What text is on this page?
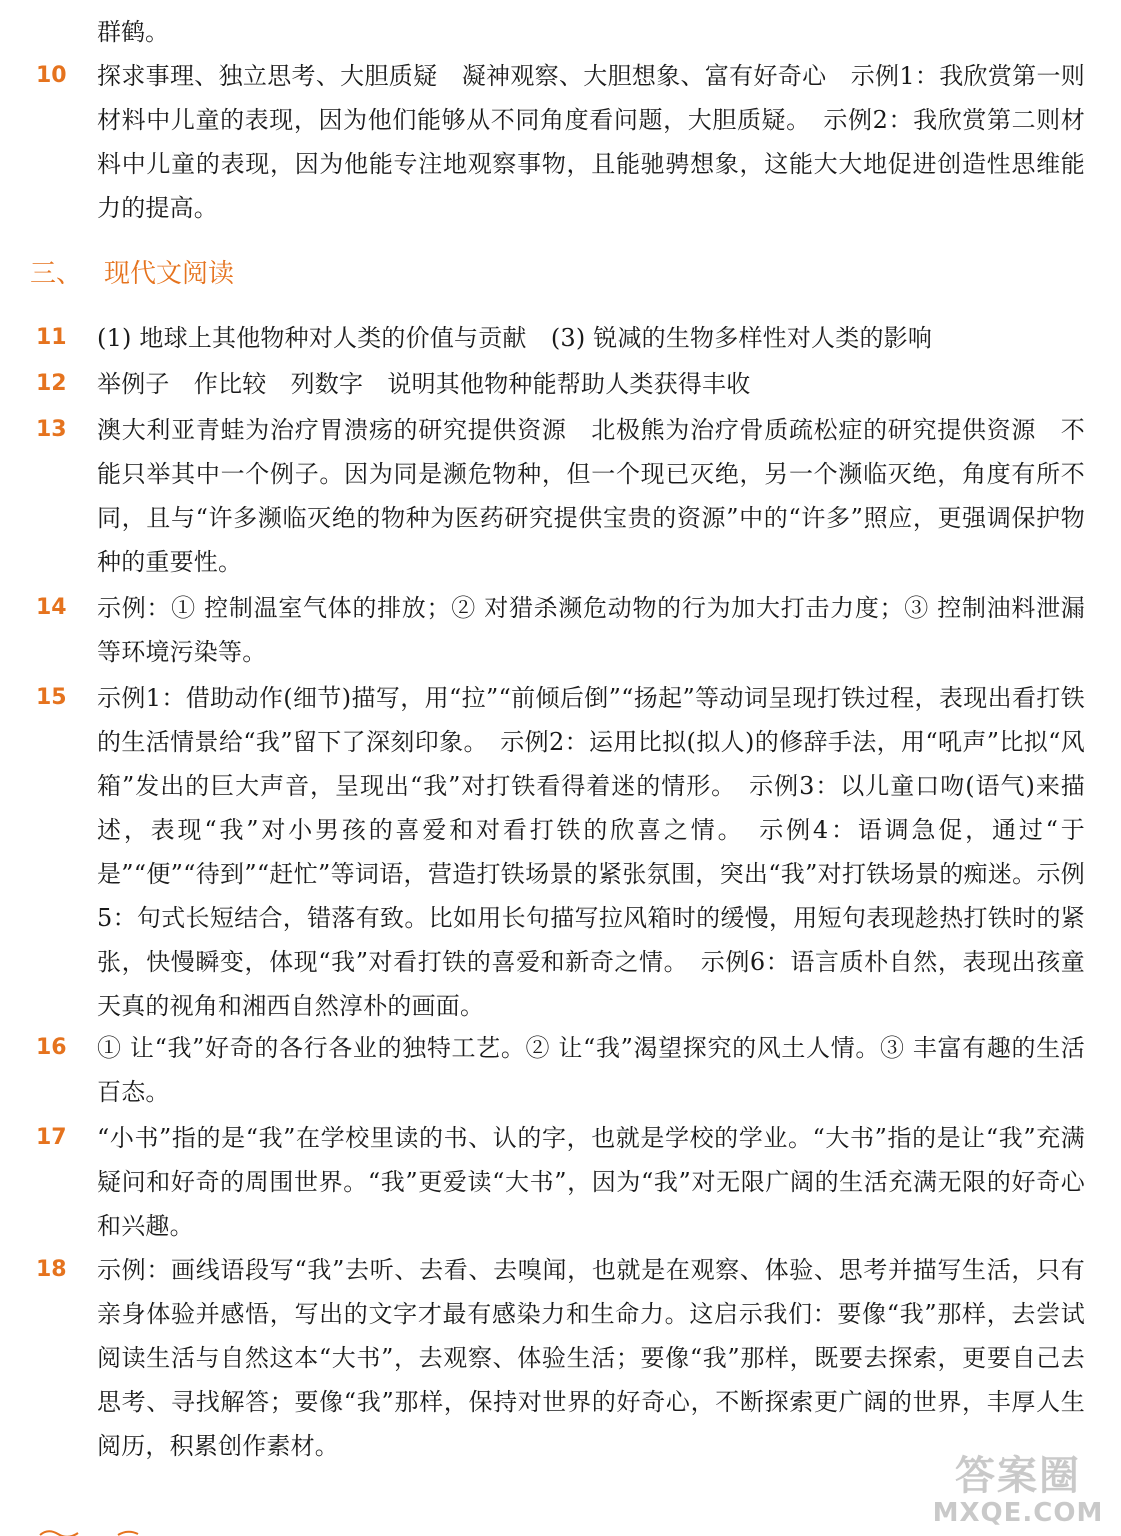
群鹤。
10	探求事理、独立思考、大胆质疑　凝神观察、大胆想象、富有好奇心　示例1：我欣赏第一则材料中儿童的表现，因为他们能够从不同角度看问题，大胆质疑。　示例2：我欣赏第二则材料中儿童的表现，因为他能专注地观察事物，且能驰骋想象，这能大大地促进创造性思维能力的提高。
三、 现代文阅读
11	(1) 地球上其他物种对人类的价值与贡献　(3) 锐减的生物多样性对人类的影响
12	举例子　作比较　列数字　说明其他物种能帮助人类获得丰收
13	澳大利亚青蛙为治疗胃溃疡的研究提供资源　北极熊为治疗骨质疏松症的研究提供资源　不能只举其中一个例子。因为同是濒危物种，但一个现已灭绝，另一个濒临灭绝，角度有所不同，且与“许多濒临灭绝的物种为医药研究提供宝贵的资源”中的“许多”照应，更强调保护物种的重要性。
14	示例：① 控制温室气体的排放；② 对猎杀濒危动物的行为加大打击力度；③ 控制油料泄漏等环境污染等。
15	示例1：借助动作(细节)描写，用“拉”“前倾后倒”“扬起”等动词呈现打铁过程，表现出看打铁的生活情景给“我”留下了深刻印象。　示例2：运用比拟(拟人)的修辞手法，用“吼声”比拟“风箱”发出的巨大声音，呈现出“我”对打铁看得着迷的情形。　示例3：以儿童口吻(语气)来描述，表现“我”对小男孩的喜爱和对看打铁的欣喜之情。　示例4：语调急促，通过“于是”“便”“待到”“赶忙”等词语，营造打铁场景的紧张氛围，突出“我”对打铁场景的痴迷。示例5：句式长短结合，错落有致。比如用长句描写拉风箱时的缓慢，用短句表现趁热打铁时的紧张，快慢瞬变，体现“我”对看打铁的喜爱和新奇之情。　示例6：语言质朴自然，表现出孩童天真的视角和湘西自然淳朴的画面。
16	① 让“我”好奇的各行各业的独特工艺。② 让“我”渴望探究的风土人情。③ 丰富有趣的生活百态。
17	“小书”指的是“我”在学校里读的书、认的字，也就是学校的学业。“大书”指的是让“我”充满疑问和好奇的周围世界。“我”更爱读“大书”，因为“我”对无限广阔的生活充满无限的好奇心和兴趣。
18	示例：画线语段写“我”去听、去看、去嗅闻，也就是在观察、体验、思考并描写生活，只有亲身体验并感悟，写出的文字才最有感染力和生命力。这启示我们：要像“我”那样，去尝试阅读生活与自然这本“大书”，去观察、体验生活；要像“我”那样，既要去探索，更要自己去思考、寻找解答；要像“我”那样，保持对世界的好奇心，不断探索更广阔的世界，丰厚人生阅历，积累创作素材。
答案圈
MXQE.COM
